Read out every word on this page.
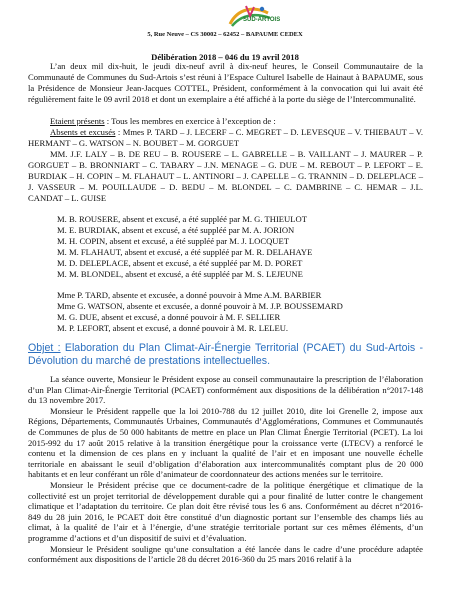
SUD-ARTOIS
5, Rue Neuve – CS 30002 – 62452 – BAPAUME CEDEX
Délibération 2018 – 046 du 19 avril 2018
L’an deux mil dix-huit, le jeudi dix-neuf avril à dix-neuf heures, le Conseil Communautaire de la Communauté de Communes du Sud-Artois s’est réuni à l’Espace Culturel Isabelle de Hainaut à BAPAUME, sous la Présidence de Monsieur Jean-Jacques COTTEL, Président, conformément à la convocation qui lui avait été régulièrement faite le 09 avril 2018 et dont un exemplaire a été affiché à la porte du siège de l’Intercommunalité.
Etaient présents : Tous les membres en exercice à l’exception de :
Absents et excusés : Mmes P. TARD – J. LECERF – C. MEGRET – D. LEVESQUE – V. THIEBAUT – V. HERMANT – G. WATSON – N. BOUBET – M. GORGUET
MM. J.F. LALY – B. DE REU – B. ROUSERE – L. GABRELLE – B. VAILLANT – J. MAURER – P. GORGUET – B. BRONNIART – C. TABARY – J.N. MENAGE – G. DUE – M. REBOUT – P. LEFORT – E. BURDIAK – H. COPIN – M. FLAHAUT – L. ANTINORI – J. CAPELLE – G. TRANNIN – D. DELEPLACE – J. VASSEUR – M. POUILLAUDE – D. BEDU – M. BLONDEL – C. DAMBRINE – C. HEMAR – J.L. CANDAT – L. GUISE
M. B. ROUSERE, absent et excusé, a été suppléé par M. G. THIEULOT
M. E. BURDIAK, absent et excusé, a été suppléé par M. A. JORION
M. H. COPIN, absent et excusé, a été suppléé par M. J. LOCQUET
M. M. FLAHAUT, absent et excusé, a été suppléé par M. R. DELAHAYE
M. D. DELEPLACE, absent et excusé, a été suppléé par M. D. PORET
M. M. BLONDEL, absent et excusé, a été suppléé par M. S. LEJEUNE
Objet : Elaboration du Plan Climat-Air-Énergie Territorial (PCAET) du Sud-Artois - Dévolution du marché de prestations intellectuelles.
Mme P. TARD, absente et excusée, a donné pouvoir à Mme A.M. BARBIER
Mme G. WATSON, absente et excusée, a donné pouvoir à M. J.P. BOUSSEMARD
M. G. DUE, absent et excusé, a donné pouvoir à M. F. SELLIER
M. P. LEFORT, absent et excusé, a donné pouvoir à M. R. LELEU.

La séance ouverte, Monsieur le Président expose au conseil communautaire la prescription de l’élaboration d’un Plan Climat-Air-Énergie Territorial (PCAET) conformément aux dispositions de la délibération n°2017-148 du 13 novembre 2017.

Monsieur le Président rappelle que la loi 2010-788 du 12 juillet 2010, dite loi Grenelle 2, impose aux Régions, Départements, Communautés Urbaines, Communautés d’Agglomérations, Communes et Communautés de Communes de plus de 50 000 habitants de mettre en place un Plan Climat Énergie Territorial (PCET). La loi 2015-992 du 17 août 2015 relative à la transition énergétique pour la croissance verte (LTECV) a renforcé le contenu et la dimension de ces plans en y incluant la qualité de l’air et en imposant une nouvelle échelle territoriale en abaissant le seuil d’obligation d’élaboration aux intercommunalités comptant plus de 20 000 habitants et en leur conférant un rôle d’animateur de coordonnateur des actions menées sur le territoire.

Monsieur le Président précise que ce document-cadre de la politique énergétique et climatique de la collectivité est un projet territorial de développement durable qui a pour finalité de lutter contre le changement climatique et l’adaptation du territoire. Ce plan doit être révisé tous les 6 ans. Conformément au décret n°2016-849 du 28 juin 2016, le PCAET doit être constitué d’un diagnostic portant sur l’ensemble des champs liés au climat, à la qualité de l’air et à l’énergie, d’une stratégie territoriale portant sur ces mêmes éléments, d’un programme d’actions et d’un dispositif de suivi et d’évaluation.

Monsieur le Président souligne qu’une consultation a été lancée dans le cadre d’une procédure adaptée conformément aux dispositions de l’article 28 du décret 2016-360 du 25 mars 2016 relatif à la
